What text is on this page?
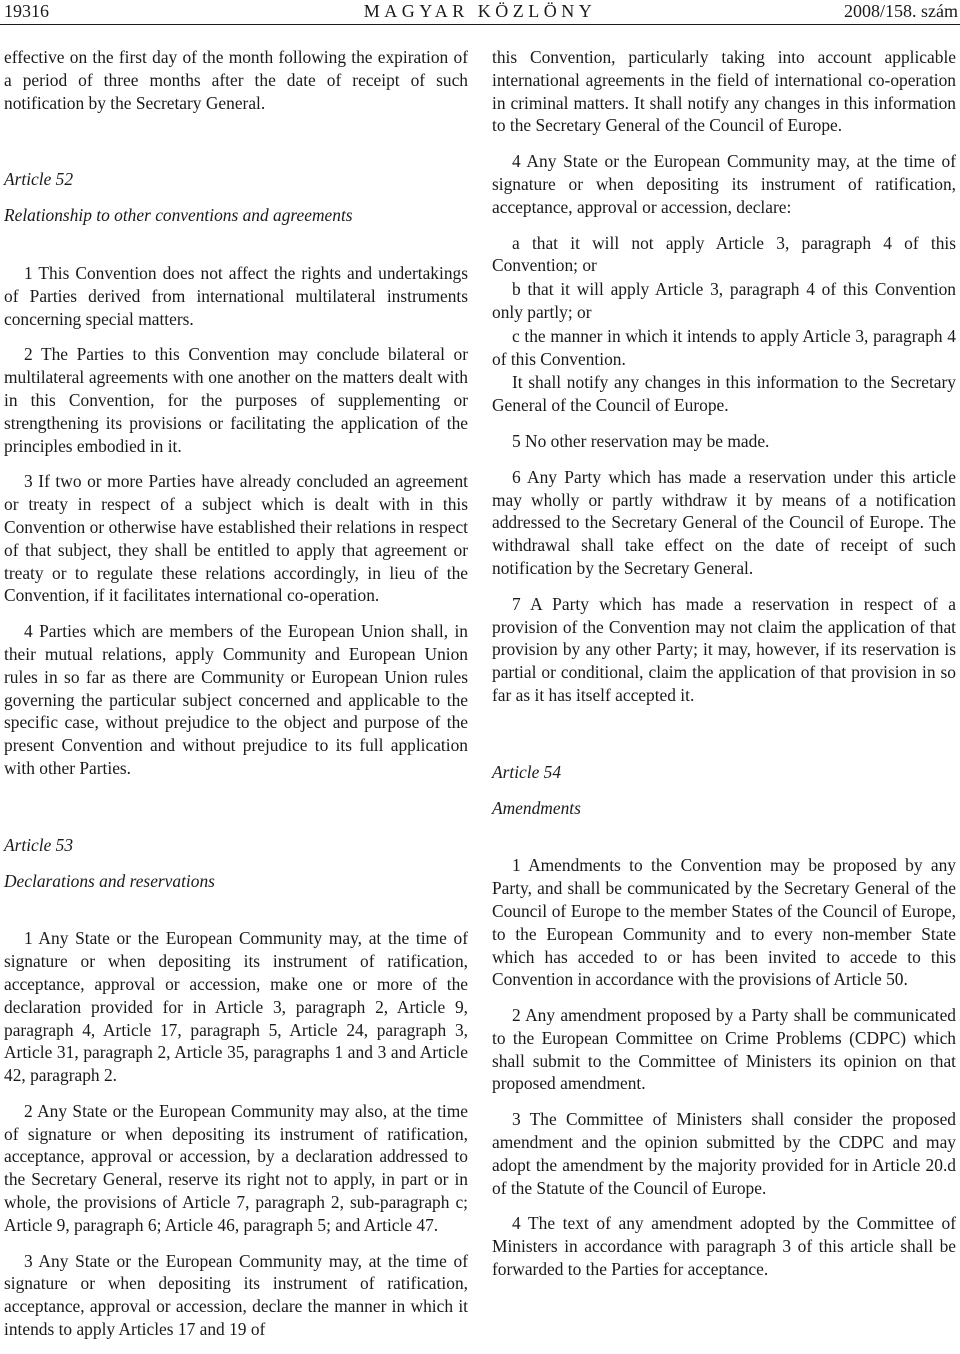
19316	MAGYAR KÖZLÖNY	2008/158. szám

effective on the first day of the month following the expiration of a period of three months after the date of receipt of such notification by the Secretary General.

Article 52

Relationship to other conventions and agreements

1 This Convention does not affect the rights and undertakings of Parties derived from international multilateral instruments concerning special matters.

2 The Parties to this Convention may conclude bilateral or multilateral agreements with one another on the matters dealt with in this Convention, for the purposes of supplementing or strengthening its provisions or facilitating the application of the principles embodied in it.

3 If two or more Parties have already concluded an agreement or treaty in respect of a subject which is dealt with in this Convention or otherwise have established their relations in respect of that subject, they shall be entitled to apply that agreement or treaty or to regulate these relations accordingly, in lieu of the Convention, if it facilitates international co-operation.

4 Parties which are members of the European Union shall, in their mutual relations, apply Community and European Union rules in so far as there are Community or European Union rules governing the particular subject concerned and applicable to the specific case, without prejudice to the object and purpose of the present Convention and without prejudice to its full application with other Parties.

Article 53

Declarations and reservations

1 Any State or the European Community may, at the time of signature or when depositing its instrument of ratification, acceptance, approval or accession, make one or more of the declaration provided for in Article 3, paragraph 2, Article 9, paragraph 4, Article 17, paragraph 5, Article 24, paragraph 3, Article 31, paragraph 2, Article 35, paragraphs 1 and 3 and Article 42, paragraph 2.

2 Any State or the European Community may also, at the time of signature or when depositing its instrument of ratification, acceptance, approval or accession, by a declaration addressed to the Secretary General, reserve its right not to apply, in part or in whole, the provisions of Article 7, paragraph 2, sub-paragraph c; Article 9, paragraph 6; Article 46, paragraph 5; and Article 47.

3 Any State or the European Community may, at the time of signature or when depositing its instrument of ratification, acceptance, approval or accession, declare the manner in which it intends to apply Articles 17 and 19 of

this Convention, particularly taking into account applicable international agreements in the field of international co-operation in criminal matters. It shall notify any changes in this information to the Secretary General of the Council of Europe.

4 Any State or the European Community may, at the time of signature or when depositing its instrument of ratification, acceptance, approval or accession, declare:

a that it will not apply Article 3, paragraph 4 of this Convention; or

b that it will apply Article 3, paragraph 4 of this Convention only partly; or

c the manner in which it intends to apply Article 3, paragraph 4 of this Convention.

It shall notify any changes in this information to the Secretary General of the Council of Europe.

5 No other reservation may be made.

6 Any Party which has made a reservation under this article may wholly or partly withdraw it by means of a notification addressed to the Secretary General of the Council of Europe. The withdrawal shall take effect on the date of receipt of such notification by the Secretary General.

7 A Party which has made a reservation in respect of a provision of the Convention may not claim the application of that provision by any other Party; it may, however, if its reservation is partial or conditional, claim the application of that provision in so far as it has itself accepted it.

Article 54

Amendments

1 Amendments to the Convention may be proposed by any Party, and shall be communicated by the Secretary General of the Council of Europe to the member States of the Council of Europe, to the European Community and to every non-member State which has acceded to or has been invited to accede to this Convention in accordance with the provisions of Article 50.

2 Any amendment proposed by a Party shall be communicated to the European Committee on Crime Problems (CDPC) which shall submit to the Committee of Ministers its opinion on that proposed amendment.

3 The Committee of Ministers shall consider the proposed amendment and the opinion submitted by the CDPC and may adopt the amendment by the majority provided for in Article 20.d of the Statute of the Council of Europe.

4 The text of any amendment adopted by the Committee of Ministers in accordance with paragraph 3 of this article shall be forwarded to the Parties for acceptance.
